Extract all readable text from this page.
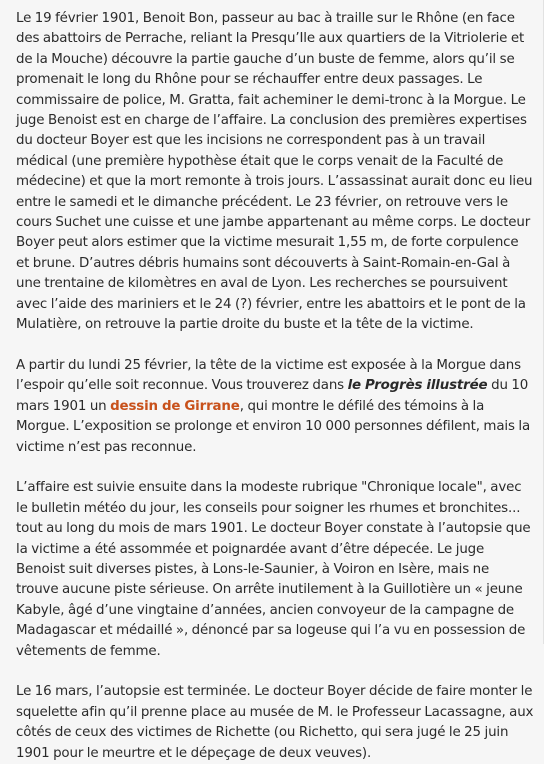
Le 19 février 1901, Benoit Bon, passeur au bac à traille sur le Rhône (en face des abattoirs de Perrache, reliant la Presqu’Ile aux quartiers de la Vitriolerie et de la Mouche) découvre la partie gauche d’un buste de femme, alors qu’il se promenait le long du Rhône pour se réchauffer entre deux passages. Le commissaire de police, M. Gratta, fait acheminer le demi-tronc à la Morgue. Le juge Benoist est en charge de l’affaire. La conclusion des premières expertises du docteur Boyer est que les incisions ne correspondent pas à un travail médical (une première hypothèse était que le corps venait de la Faculté de médecine) et que la mort remonte à trois jours. L’assassinat aurait donc eu lieu entre le samedi et le dimanche précédent. Le 23 février, on retrouve vers le cours Suchet une cuisse et une jambe appartenant au même corps. Le docteur Boyer peut alors estimer que la victime mesurait 1,55 m, de forte corpulence et brune. D’autres débris humains sont découverts à Saint-Romain-en-Gal à une trentaine de kilomètres en aval de Lyon. Les recherches se poursuivent avec l’aide des mariniers et le 24 (?) février, entre les abattoirs et le pont de la Mulatière, on retrouve la partie droite du buste et la tête de la victime.

A partir du lundi 25 février, la tête de la victime est exposée à la Morgue dans l’espoir qu’elle soit reconnue. Vous trouverez dans le Progrès illustrée du 10 mars 1901 un dessin de Girrane, qui montre le défilé des témoins à la Morgue. L’exposition se prolonge et environ 10 000 personnes défilent, mais la victime n’est pas reconnue.

L’affaire est suivie ensuite dans la modeste rubrique "Chronique locale", avec le bulletin météo du jour, les conseils pour soigner les rhumes et bronchites... tout au long du mois de mars 1901. Le docteur Boyer constate à l’autopsie que la victime a été assommée et poignardée avant d’être dépecée. Le juge Benoist suit diverses pistes, à Lons-le-Saunier, à Voiron en Isère, mais ne trouve aucune piste sérieuse. On arrête inutilement à la Guillotière un « jeune Kabyle, âgé d’une vingtaine d’années, ancien convoyeur de la campagne de Madagascar et médaillé », dénoncé par sa logeuse qui l’a vu en possession de vêtements de femme.

Le 16 mars, l’autopsie est terminée. Le docteur Boyer décide de faire monter le squelette afin qu’il prenne place au musée de M. le Professeur Lacassagne, aux côtés de ceux des victimes de Richette (ou Richetto, qui sera jugé le 25 juin 1901 pour le meurtre et le dépeçage de deux veuves).
